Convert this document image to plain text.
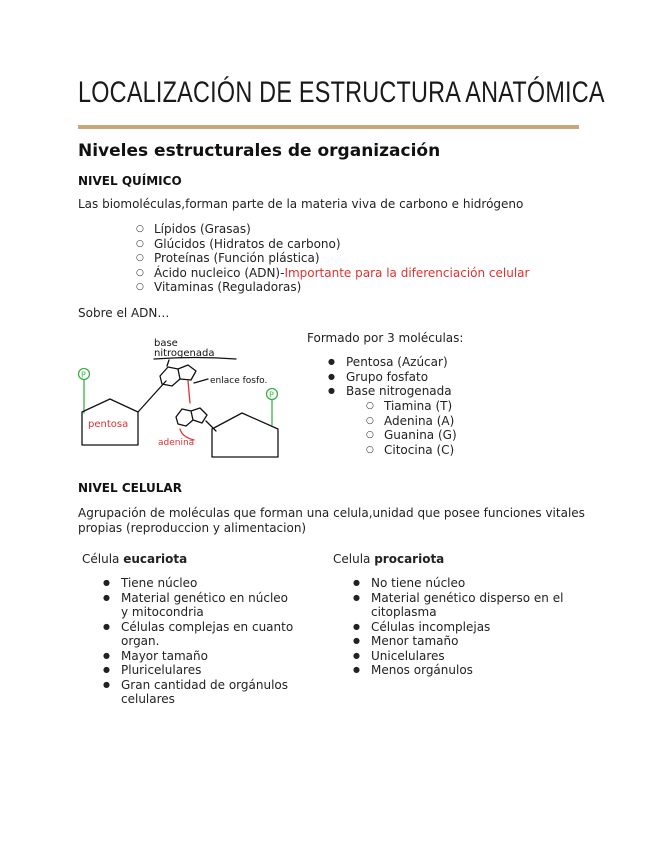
LOCALIZACIÓN DE ESTRUCTURA ANATÓMICA
Niveles estructurales de organización
NIVEL QUÍMICO

Las biomoléculas,forman parte de la materia viva de carbono e hidrógeno

○ Lípidos (Grasas)
○ Glúcidos (Hidratos de carbono)
○ Proteínas (Función plástica)
○ Ácido nucleico (ADN)-Importante para la diferenciación celular
○ Vitaminas (Reguladoras)

Sobre el ADN…

base
nitrogenada
P
pentosa
enlace fosfo.
adenina
P

Formado por 3 moléculas:

● Pentosa (Azúcar)
● Grupo fosfato
● Base nitrogenada
○ Tiamina (T)
○ Adenina (A)
○ Guanina (G)
○ Citocina (C)
NIVEL CELULAR

Agrupación de moléculas que forman una celula,unidad que posee funciones vitales

propias (reproduccion y alimentacion)

Célula eucariota	Celula procariota

● Tiene núcleo
● Material genético en núcleo y mitocondria
● Células complejas en cuanto organ.
● Mayor tamaño
● Pluricelulares
● Gran cantidad de orgánulos celulares
● No tiene núcleo
● Material genético disperso en el citoplasma
● Células incomplejas
● Menor tamaño
● Unicelulares
● Menos orgánulos
